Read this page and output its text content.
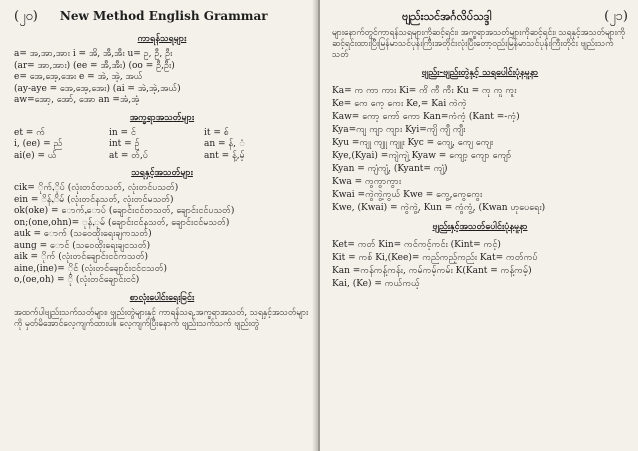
(၂၀) New Method English Grammar
ကာရန်သရများ
a= အ,အာ,အား i = အိ, အီ,အီး u= ဥ, ဦ, ဦး
(ar= အာ,အား) (ee = အီ,အီး) (oo = ဦ,ဦး)
e= အေ,အေ့,အေး e = အဲ, အဲ့, အယ်
(ay-aye = အေ,အေ့,အေး) (ai = အဲ,အဲ့,အယ်)
aw=အော့, အော်, အော an =အံ,အံ့
အက္ခရာအသတ်များ
et = က်	in = င်	it = စ်
i, (ee) = ည်	int = ဉ်	an = န်, ံ
ai(e) = ယ်	at = တ်,ပ်	ant = န့်,မ့်
သရနှင့်အသတ်များ
cik= ိုက်,ိုပ် (လုံးတင်တသတ်, လုံးတင်ပသတ်)
ein = ိန်,ိမ် (လုံးတင်နသတ်, လုံးတင်မသတ်)
ok(oke) = ောက်,ောပ် (ချောင်းငင်တသတ်, ချောင်းငင်ပသတ်)
on;(one,ohn)= ုန်,ုမ် (ချောင်းငင်နသတ်, ချောင်းငင်မသတ်)
auk = ောက် (သဝေထိုးရေးချကသတ်)
aung = ောင် (သဝေထိုးရေးချငသတ်)
aik = ိုက် (လုံးတင်ချောင်းငင်ကသတ်)
aine,(ine)= ိုင် (လုံးတင်ချောင်းငင်ငသတ်)
o,(oe,oh) = ို (လုံးတင်ချောင်းငင်)
စာလုံးပေါင်းရေးခြင်း
အထက်ပါဗျည်းသက်သတ်များ၊ ဗျည်းတွဲများနှင့် ကာရန်သရ,အက္ခရာအသတ်, သရနှင့်အသတ်များကို မှတ်မိအောင်လေ့ကျက်ထားပါ။ လေ့ကျက်ပြီးနောက် ဗျည်းသက်သက် ဗျည်းတွဲ
ဗျည်းသင်အင်္ဂလိပ်သဒ္ဒါ	(၂၁)
များနောက်တွင်ကာရန်သရများကိုဆင့်ရင်း၊ အက္ခရာအသတ်များကိုဆင့်ရင်း၊ သရနှင့်အသတ်များကိုဆင့်ရင်းထားပြီးမြန်မာသင်ပုန်းကြီးအတိုင်းလုံးပြီးတော့ဝည်းမြန်မာသင်ပုန်းကြီးတိုင်း ဗျည်းသက်သတ်
ဗျည်း-ဗျည်းတွဲနှင့် သရပေါင်းပုံနမူနာ
Ka= က ကာ ကား Ki= ကိ ကီ ကီး Ku = ကု ကူ ကူး
Ke= ကေ ကေ့ ကေး Ke,= Kai ကဲကဲ့
Kaw= ကော့ ကော် ကော Kan=ကံကံ့ (Kant =-ကံ့)
Kya=ကျ ကျာ ကျား Kyi=ကျိ ကျီ ကျီး
Kyu =ကျု ကျူ ကျူး Kyc = ကျေ့, ကျေ ကျေး
Kye,(Kyai) =ကျဲကျဲ့ Kyaw = ကျော့ ကျော ကျော်
Kyan = ကျံကျံ့, (Kyant= ကျံ့)
Kwa = ကွကွာကွား
Kwai =ကွဲကွဲ့ကွယ် Kwe = ကွေ့,ကွေကွေး
Kwe, (Kwai) = ကွဲကွဲ့, Kun = ကွံကွံ့, (Kwan ဟုပေရေး)
ဗျည်းနှင့်အသတ်ပေါင်းပုံနမူနာ
Ket= ကတ် Kin= ကင်ကင့်ကင်း (Kint= ကင့်)
Kit = ကစ် Ki,(Kee)= ကည်ကည့်ကည်း Kat= ကတ်ကပ်
Kan =ကန်ကန့်ကန်း, ကမ်ကမ့်ကမ်း K(Kant = ကန့်ကမ့်)
Kai, (Ke) = ကယ်ကယ့်
